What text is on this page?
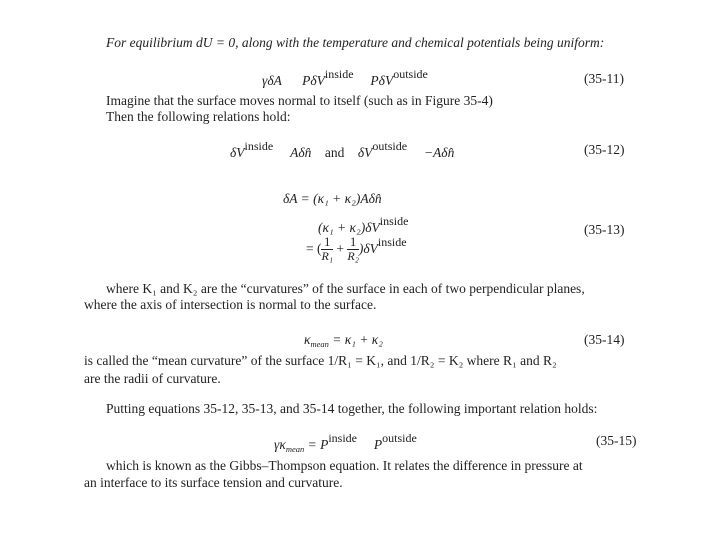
For equilibrium dU = 0, along with the temperature and chemical potentials being uniform:
γδA PδV$^{inside}$ PδV$^{outside}$	(35-11)
Imagine that the surface moves normal to itself (such as in Figure 35-4)
Then the following relations hold:
$\delta V^{inside}$ Aδn̂ and $\delta V^{outside}$ −Aδn̂	(35-12)
δA = (κ₁ + κ₂)Aδn̂
$(\kappa_1 + \kappa_2)\delta V^{inside}$
= ( $\frac{1}{\text{R₁}} + \frac{1}{\text{R₂}} )\delta V^{inside}$
(35-13)
where K₁ and K₂ are the “curvatures” of the surface in each of two perpendicular planes,
where the axis of intersection is normal to the surface.
$\kappa_{mean} = \kappa_1 + \kappa_2$	(35-14)
is called the “mean curvature” of the surface 1/R₁ = K₁, and 1/R₂ = K₂ where R₁ and R₂
are the radii of curvature.
Putting equations 35-12, 35-13, and 35-14 together, the following important relation holds:
$\gamma\kappa_{mean} = P^{inside}$ $P^{outside}$	(35-15)
which is known as the Gibbs–Thompson equation. It relates the difference in pressure at
an interface to its surface tension and curvature.
